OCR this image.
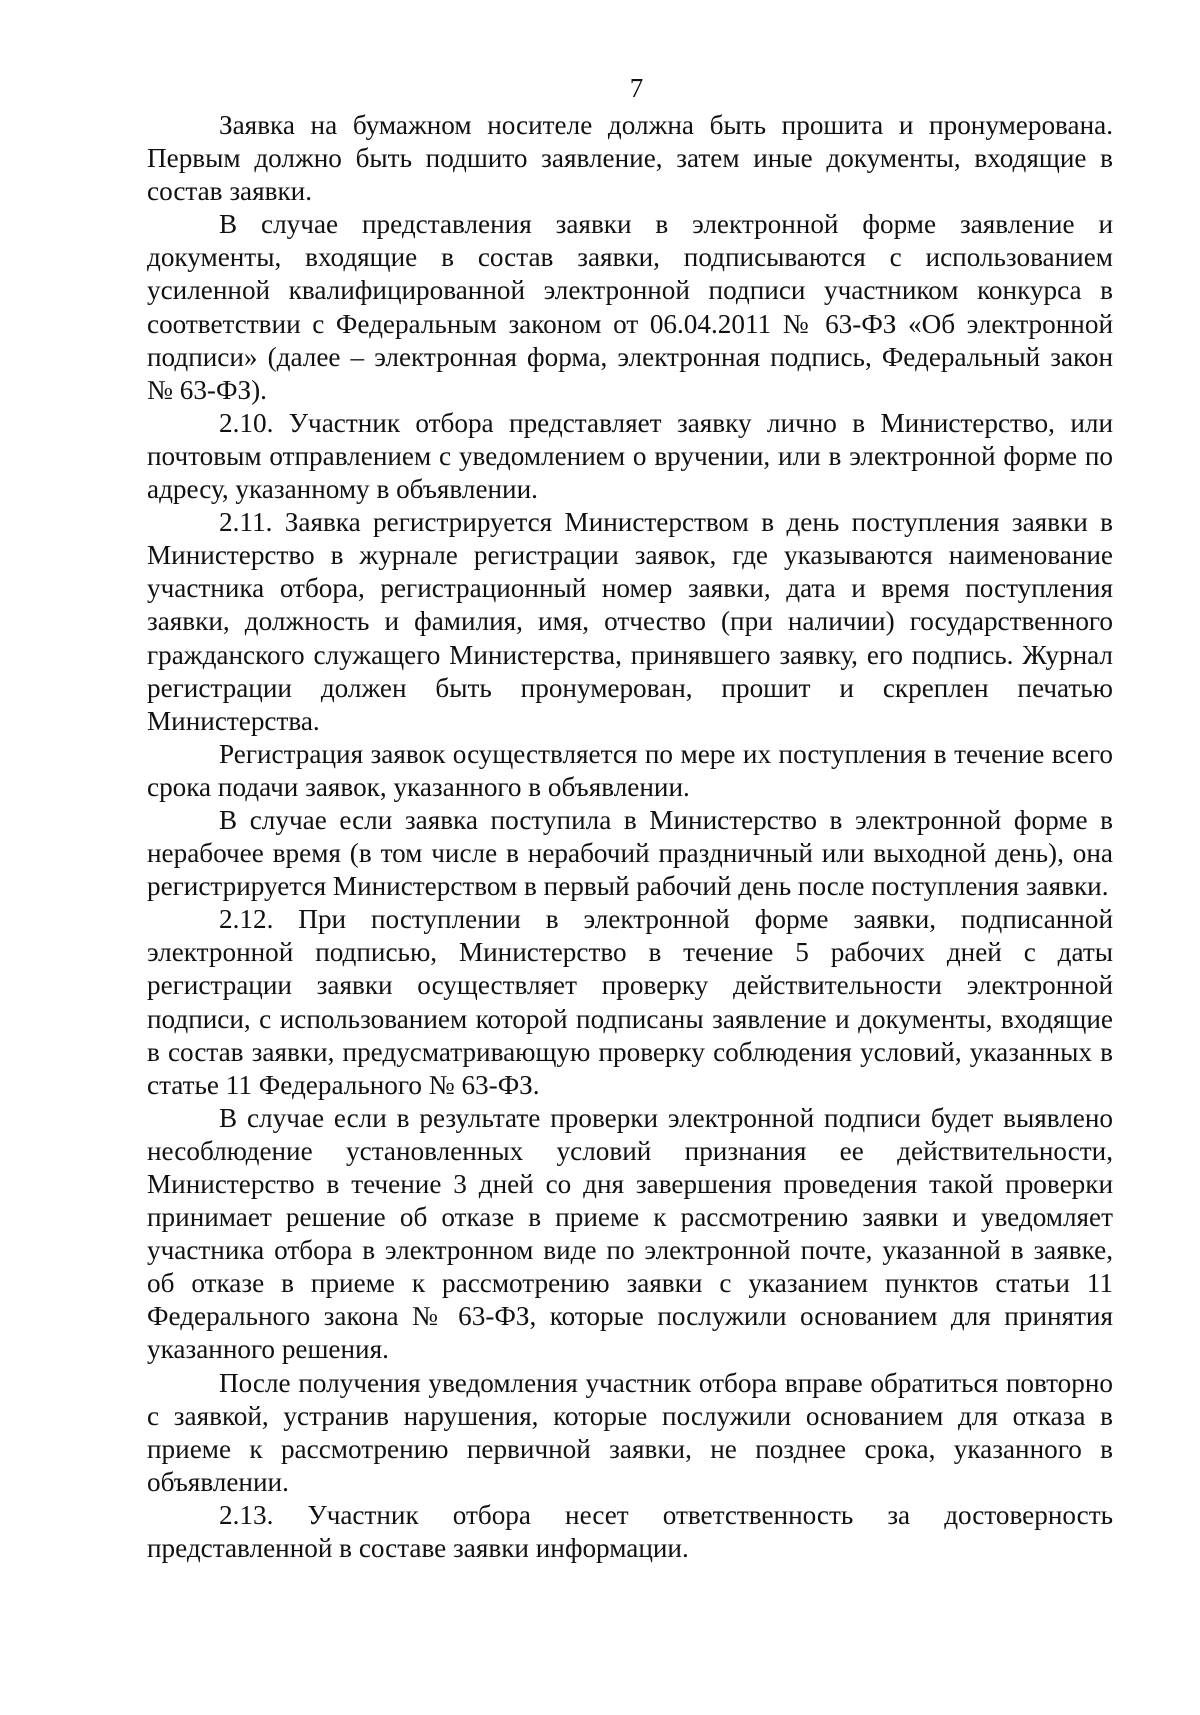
7

Заявка на бумажном носителе должна быть прошита и пронумерована. Первым должно быть подшито заявление, затем иные документы, входящие в состав заявки.

В случае представления заявки в электронной форме заявление и документы, входящие в состав заявки, подписываются с использованием усиленной квалифицированной электронной подписи участником конкурса в соответствии с Федеральным законом от 06.04.2011 № 63-ФЗ «Об электронной подписи» (далее – электронная форма, электронная подпись, Федеральный закон № 63-ФЗ).

2.10. Участник отбора представляет заявку лично в Министерство, или почтовым отправлением с уведомлением о вручении, или в электронной форме по адресу, указанному в объявлении.

2.11. Заявка регистрируется Министерством в день поступления заявки в Министерство в журнале регистрации заявок, где указываются наименование участника отбора, регистрационный номер заявки, дата и время поступления заявки, должность и фамилия, имя, отчество (при наличии) государственного гражданского служащего Министерства, принявшего заявку, его подпись. Журнал регистрации должен быть пронумерован, прошит и скреплен печатью Министерства.

Регистрация заявок осуществляется по мере их поступления в течение всего срока подачи заявок, указанного в объявлении.

В случае если заявка поступила в Министерство в электронной форме в нерабочее время (в том числе в нерабочий праздничный или выходной день), она регистрируется Министерством в первый рабочий день после поступления заявки.

2.12. При поступлении в электронной форме заявки, подписанной электронной подписью, Министерство в течение 5 рабочих дней с даты регистрации заявки осуществляет проверку действительности электронной подписи, с использованием которой подписаны заявление и документы, входящие в состав заявки, предусматривающую проверку соблюдения условий, указанных в статье 11 Федерального № 63-ФЗ.

В случае если в результате проверки электронной подписи будет выявлено несоблюдение установленных условий признания ее действительности, Министерство в течение 3 дней со дня завершения проведения такой проверки принимает решение об отказе в приеме к рассмотрению заявки и уведомляет участника отбора в электронном виде по электронной почте, указанной в заявке, об отказе в приеме к рассмотрению заявки с указанием пунктов статьи 11 Федерального закона № 63-ФЗ, которые послужили основанием для принятия указанного решения.

После получения уведомления участник отбора вправе обратиться повторно с заявкой, устранив нарушения, которые послужили основанием для отказа в приеме к рассмотрению первичной заявки, не позднее срока, указанного в объявлении.

2.13. Участник отбора несет ответственность за достоверность представленной в составе заявки информации.
